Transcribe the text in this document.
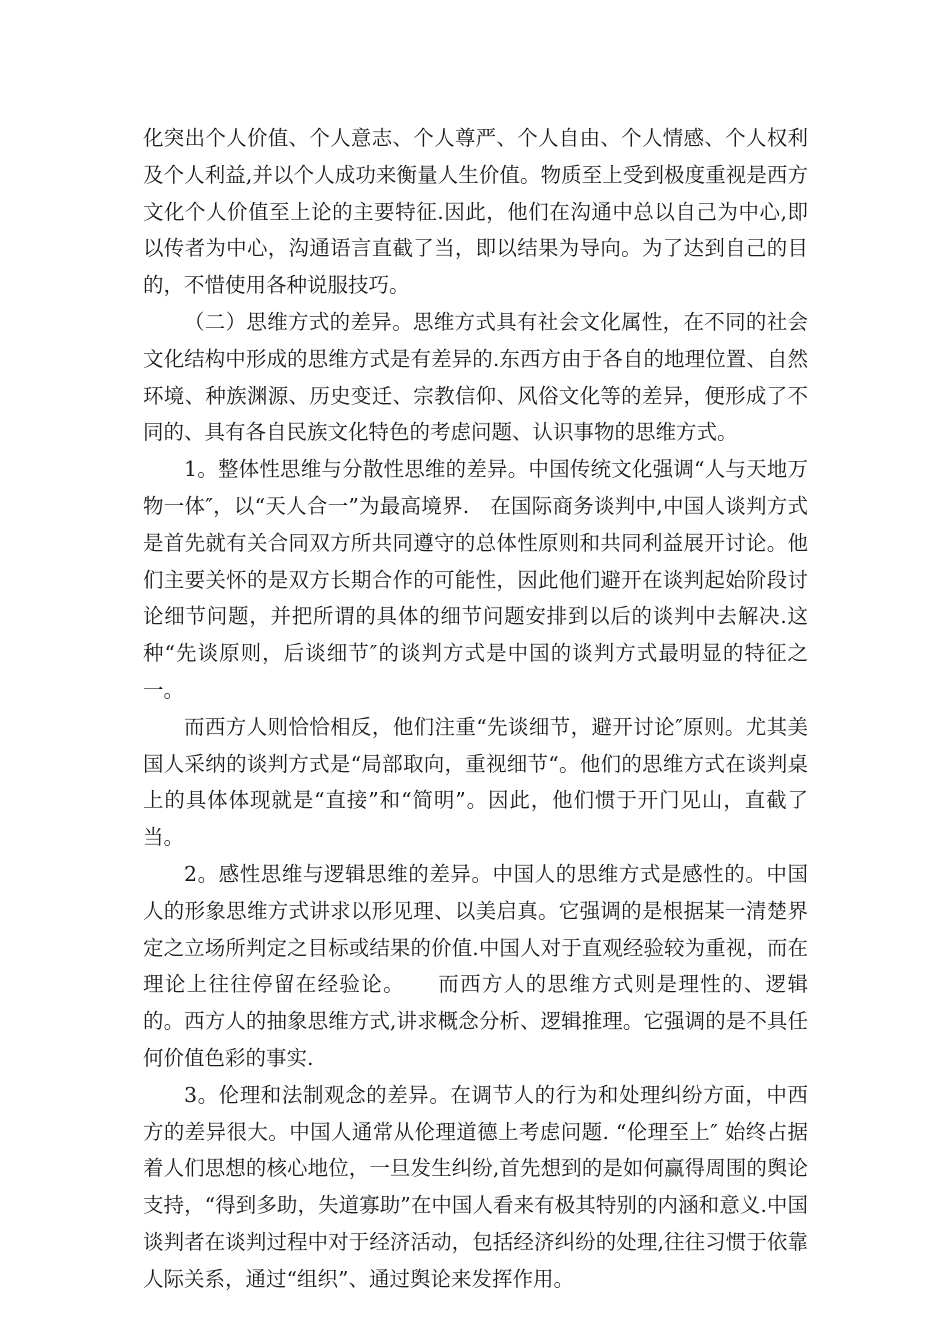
化突出个人价值、个人意志、个人尊严、个人自由、个人情感、个人权利及个人利益,并以个人成功来衡量人生价值。物质至上受到极度重视是西方文化个人价值至上论的主要特征.因此，他们在沟通中总以自己为中心,即以传者为中心，沟通语言直截了当，即以结果为导向。为了达到自己的目的，不惜使用各种说服技巧。

（二）思维方式的差异。思维方式具有社会文化属性，在不同的社会文化结构中形成的思维方式是有差异的.东西方由于各自的地理位置、自然环境、种族渊源、历史变迁、宗教信仰、风俗文化等的差异，便形成了不同的、具有各自民族文化特色的考虑问题、认识事物的思维方式。

1。整体性思维与分散性思维的差异。中国传统文化强调“人与天地万物一体″，以“天人合一”为最高境界.　在国际商务谈判中,中国人谈判方式是首先就有关合同双方所共同遵守的总体性原则和共同利益展开讨论。他们主要关怀的是双方长期合作的可能性，因此他们避开在谈判起始阶段讨论细节问题，并把所谓的具体的细节问题安排到以后的谈判中去解决.这种“先谈原则，后谈细节″的谈判方式是中国的谈判方式最明显的特征之一。

而西方人则恰恰相反，他们注重“先谈细节，避开讨论″原则。尤其美国人采纳的谈判方式是“局部取向，重视细节“。他们的思维方式在谈判桌上的具体体现就是“直接”和“简明”。因此，他们惯于开门见山，直截了当。

2。感性思维与逻辑思维的差异。中国人的思维方式是感性的。中国人的形象思维方式讲求以形见理、以美启真。它强调的是根据某一清楚界定之立场所判定之目标或结果的价值.中国人对于直观经验较为重视，而在理论上往往停留在经验论。　　而西方人的思维方式则是理性的、逻辑的。西方人的抽象思维方式,讲求概念分析、逻辑推理。它强调的是不具任何价值色彩的事实.

3。伦理和法制观念的差异。在调节人的行为和处理纠纷方面，中西方的差异很大。中国人通常从伦理道德上考虑问题. “伦理至上″ 始终占据着人们思想的核心地位，一旦发生纠纷,首先想到的是如何赢得周围的舆论支持，“得到多助，失道寡助”在中国人看来有极其特别的内涵和意义.中国谈判者在谈判过程中对于经济活动，包括经济纠纷的处理,往往习惯于依靠人际关系，通过“组织”、通过舆论来发挥作用。
